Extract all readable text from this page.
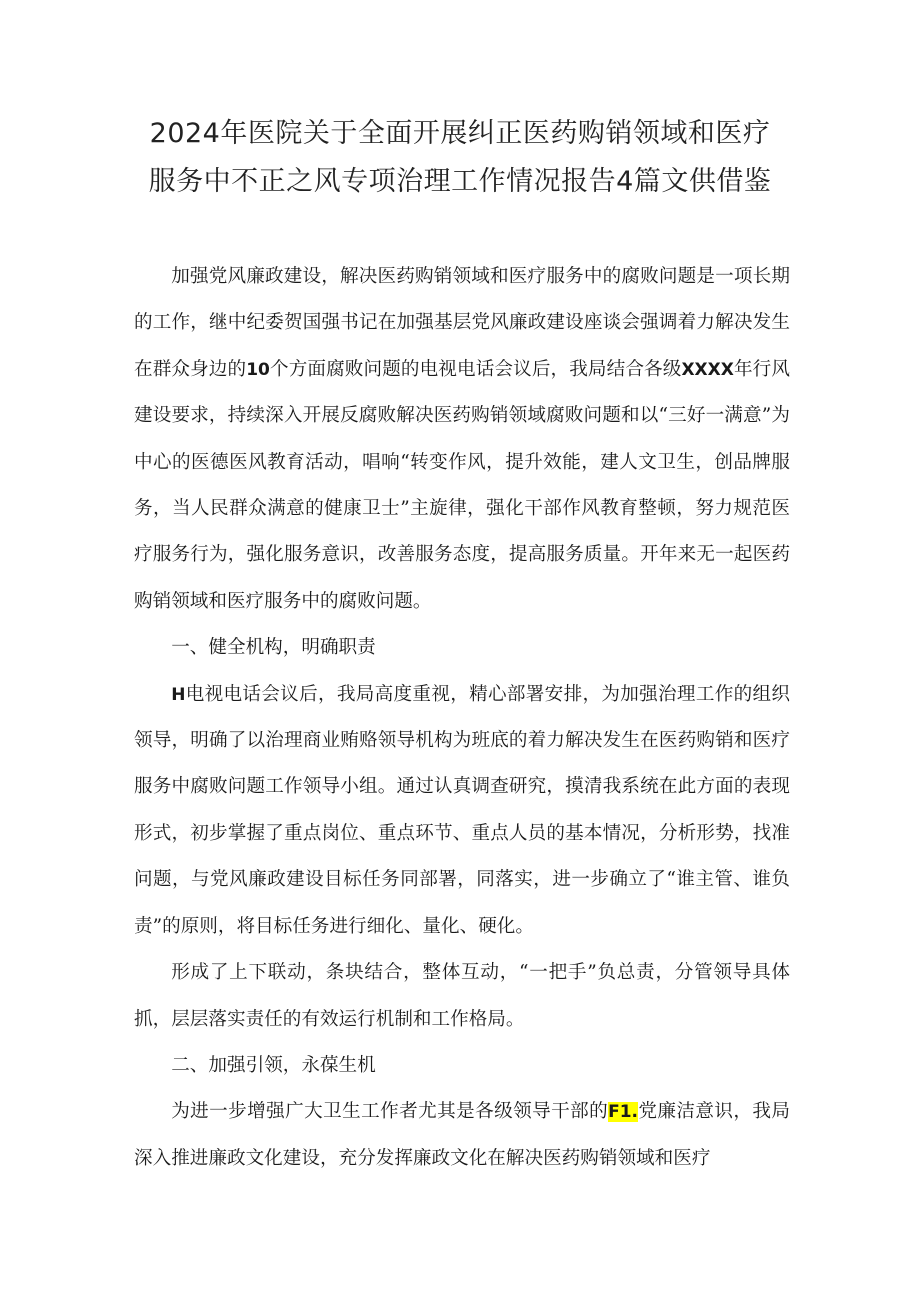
2024年医院关于全面开展纠正医药购销领域和医疗
服务中不正之风专项治理工作情况报告4篇文供借鉴

加强党风廉政建设，解决医药购销领域和医疗服务中的腐败问题是一项长期的工作，继中纪委贺国强书记在加强基层党风廉政建设座谈会强调着力解决发生在群众身边的10个方面腐败问题的电视电话会议后，我局结合各级XXXX年行风建设要求，持续深入开展反腐败解决医药购销领域腐败问题和以“三好一满意”为中心的医德医风教育活动，唱响“转变作风，提升效能，建人文卫生，创品牌服务，当人民群众满意的健康卫士”主旋律，强化干部作风教育整顿，努力规范医疗服务行为，强化服务意识，改善服务态度，提高服务质量。开年来无一起医药购销领域和医疗服务中的腐败问题。

一、健全机构，明确职责

H电视电话会议后，我局高度重视，精心部署安排，为加强治理工作的组织领导，明确了以治理商业贿赂领导机构为班底的着力解决发生在医药购销和医疗服务中腐败问题工作领导小组。通过认真调查研究，摸清我系统在此方面的表现形式，初步掌握了重点岗位、重点环节、重点人员的基本情况，分析形势，找准问题，与党风廉政建设目标任务同部署，同落实，进一步确立了“谁主管、谁负责”的原则，将目标任务进行细化、量化、硬化。

形成了上下联动，条块结合，整体互动，“一把手”负总责，分管领导具体抓，层层落实责任的有效运行机制和工作格局。

二、加强引领，永葆生机

为进一步增强广大卫生工作者尤其是各级领导干部的F1.党廉洁意识，我局深入推进廉政文化建设，充分发挥廉政文化在解决医药购销领域和医疗
